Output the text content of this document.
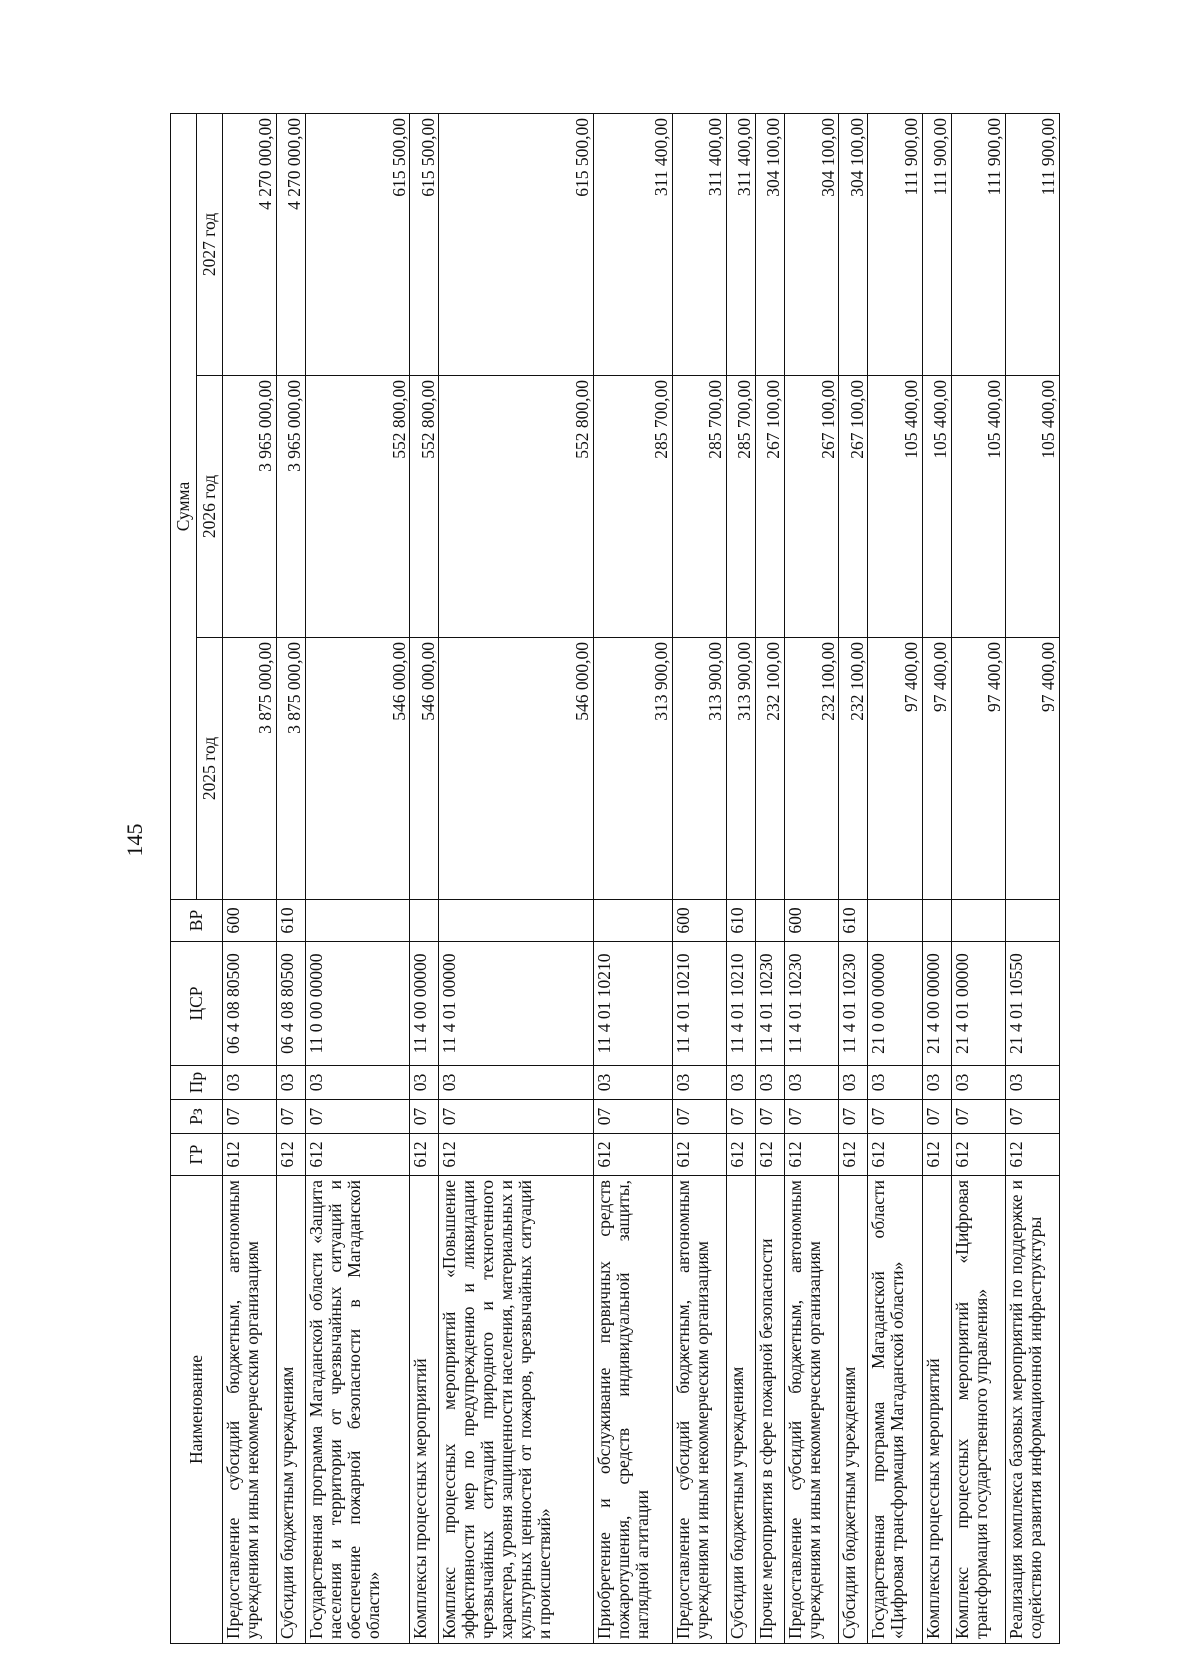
145
Наименование	ГР	Рз	Пр	ЦСР	ВР	Сумма		
						2025 год	2026 год	2027 год
Предоставление субсидий бюджетным, автономным учреждениям и иным некоммерческим организациям	612	07	03	06 4 08 80500	600	3 875 000,00	3 965 000,00	4 270 000,00
Субсидии бюджетным учреждениям	612	07	03	06 4 08 80500	610	3 875 000,00	3 965 000,00	4 270 000,00
Государственная программа Магаданской области «Защита населения и территории от чрезвычайных ситуаций и обеспечение пожарной безопасности в Магаданской области»	612	07	03	11 0 00 00000		546 000,00	552 800,00	615 500,00
Комплексы процессных мероприятий	612	07	03	11 4 00 00000		546 000,00	552 800,00	615 500,00
Комплекс процессных мероприятий «Повышение эффективности мер по предупреждению и ликвидации чрезвычайных ситуаций природного и техногенного характера, уровня защищенности населения, материальных и культурных ценностей от пожаров, чрезвычайных ситуаций и происшествий»	612	07	03	11 4 01 00000		546 000,00	552 800,00	615 500,00
Приобретение и обслуживание первичных средств пожаротушения, средств индивидуальной защиты, наглядной агитации	612	07	03	11 4 01 10210		313 900,00	285 700,00	311 400,00
Предоставление субсидий бюджетным, автономным учреждениям и иным некоммерческим организациям	612	07	03	11 4 01 10210	600	313 900,00	285 700,00	311 400,00
Субсидии бюджетным учреждениям	612	07	03	11 4 01 10210	610	313 900,00	285 700,00	311 400,00
Прочие мероприятия в сфере пожарной безопасности	612	07	03	11 4 01 10230		232 100,00	267 100,00	304 100,00
Предоставление субсидий бюджетным, автономным учреждениям и иным некоммерческим организациям	612	07	03	11 4 01 10230	600	232 100,00	267 100,00	304 100,00
Субсидии бюджетным учреждениям	612	07	03	11 4 01 10230	610	232 100,00	267 100,00	304 100,00
Государственная программа Магаданской области «Цифровая трансформация Магаданской области»	612	07	03	21 0 00 00000		97 400,00	105 400,00	111 900,00
Комплексы процессных мероприятий	612	07	03	21 4 00 00000		97 400,00	105 400,00	111 900,00
Комплекс процессных мероприятий «Цифровая трансформация государственного управления»	612	07	03	21 4 01 00000		97 400,00	105 400,00	111 900,00
Реализация комплекса базовых мероприятий по поддержке и содействию развития информационной инфраструктуры	612	07	03	21 4 01 10550		97 400,00	105 400,00	111 900,00
